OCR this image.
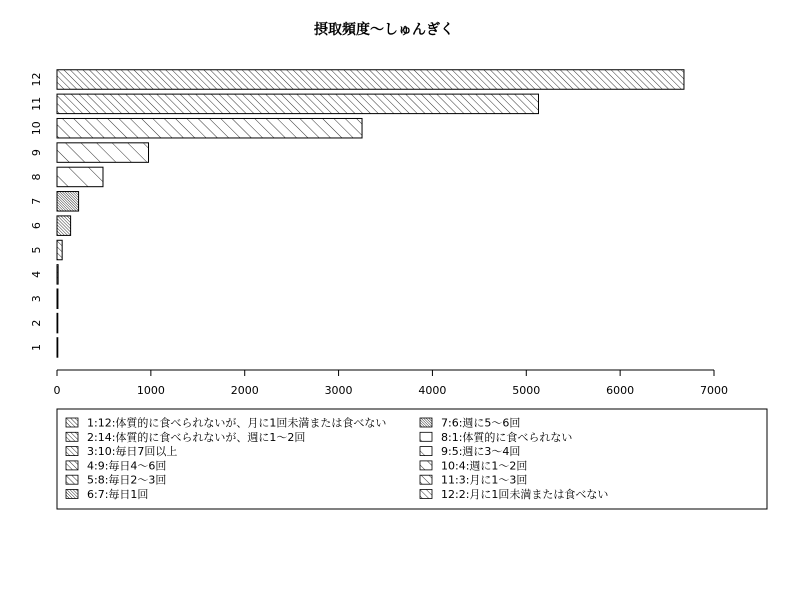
摂取頻度〜しゅんぎく
1
2
3
4
5
6
7
8
9
10
11
12
0	1000	2000	3000	4000	5000	6000	7000
1:12:体質的に食べられないが、月に1回未満または食べない
2:14:体質的に食べられないが、週に1〜2回
3:10:毎日7回以上
4:9:毎日4〜6回
5:8:毎日2〜3回
6:7:毎日1回
7:6:週に5〜6回
8:1:体質的に食べられない
9:5:週に3〜4回
10:4:週に1〜2回
11:3:月に1〜3回
12:2:月に1回未満または食べない
